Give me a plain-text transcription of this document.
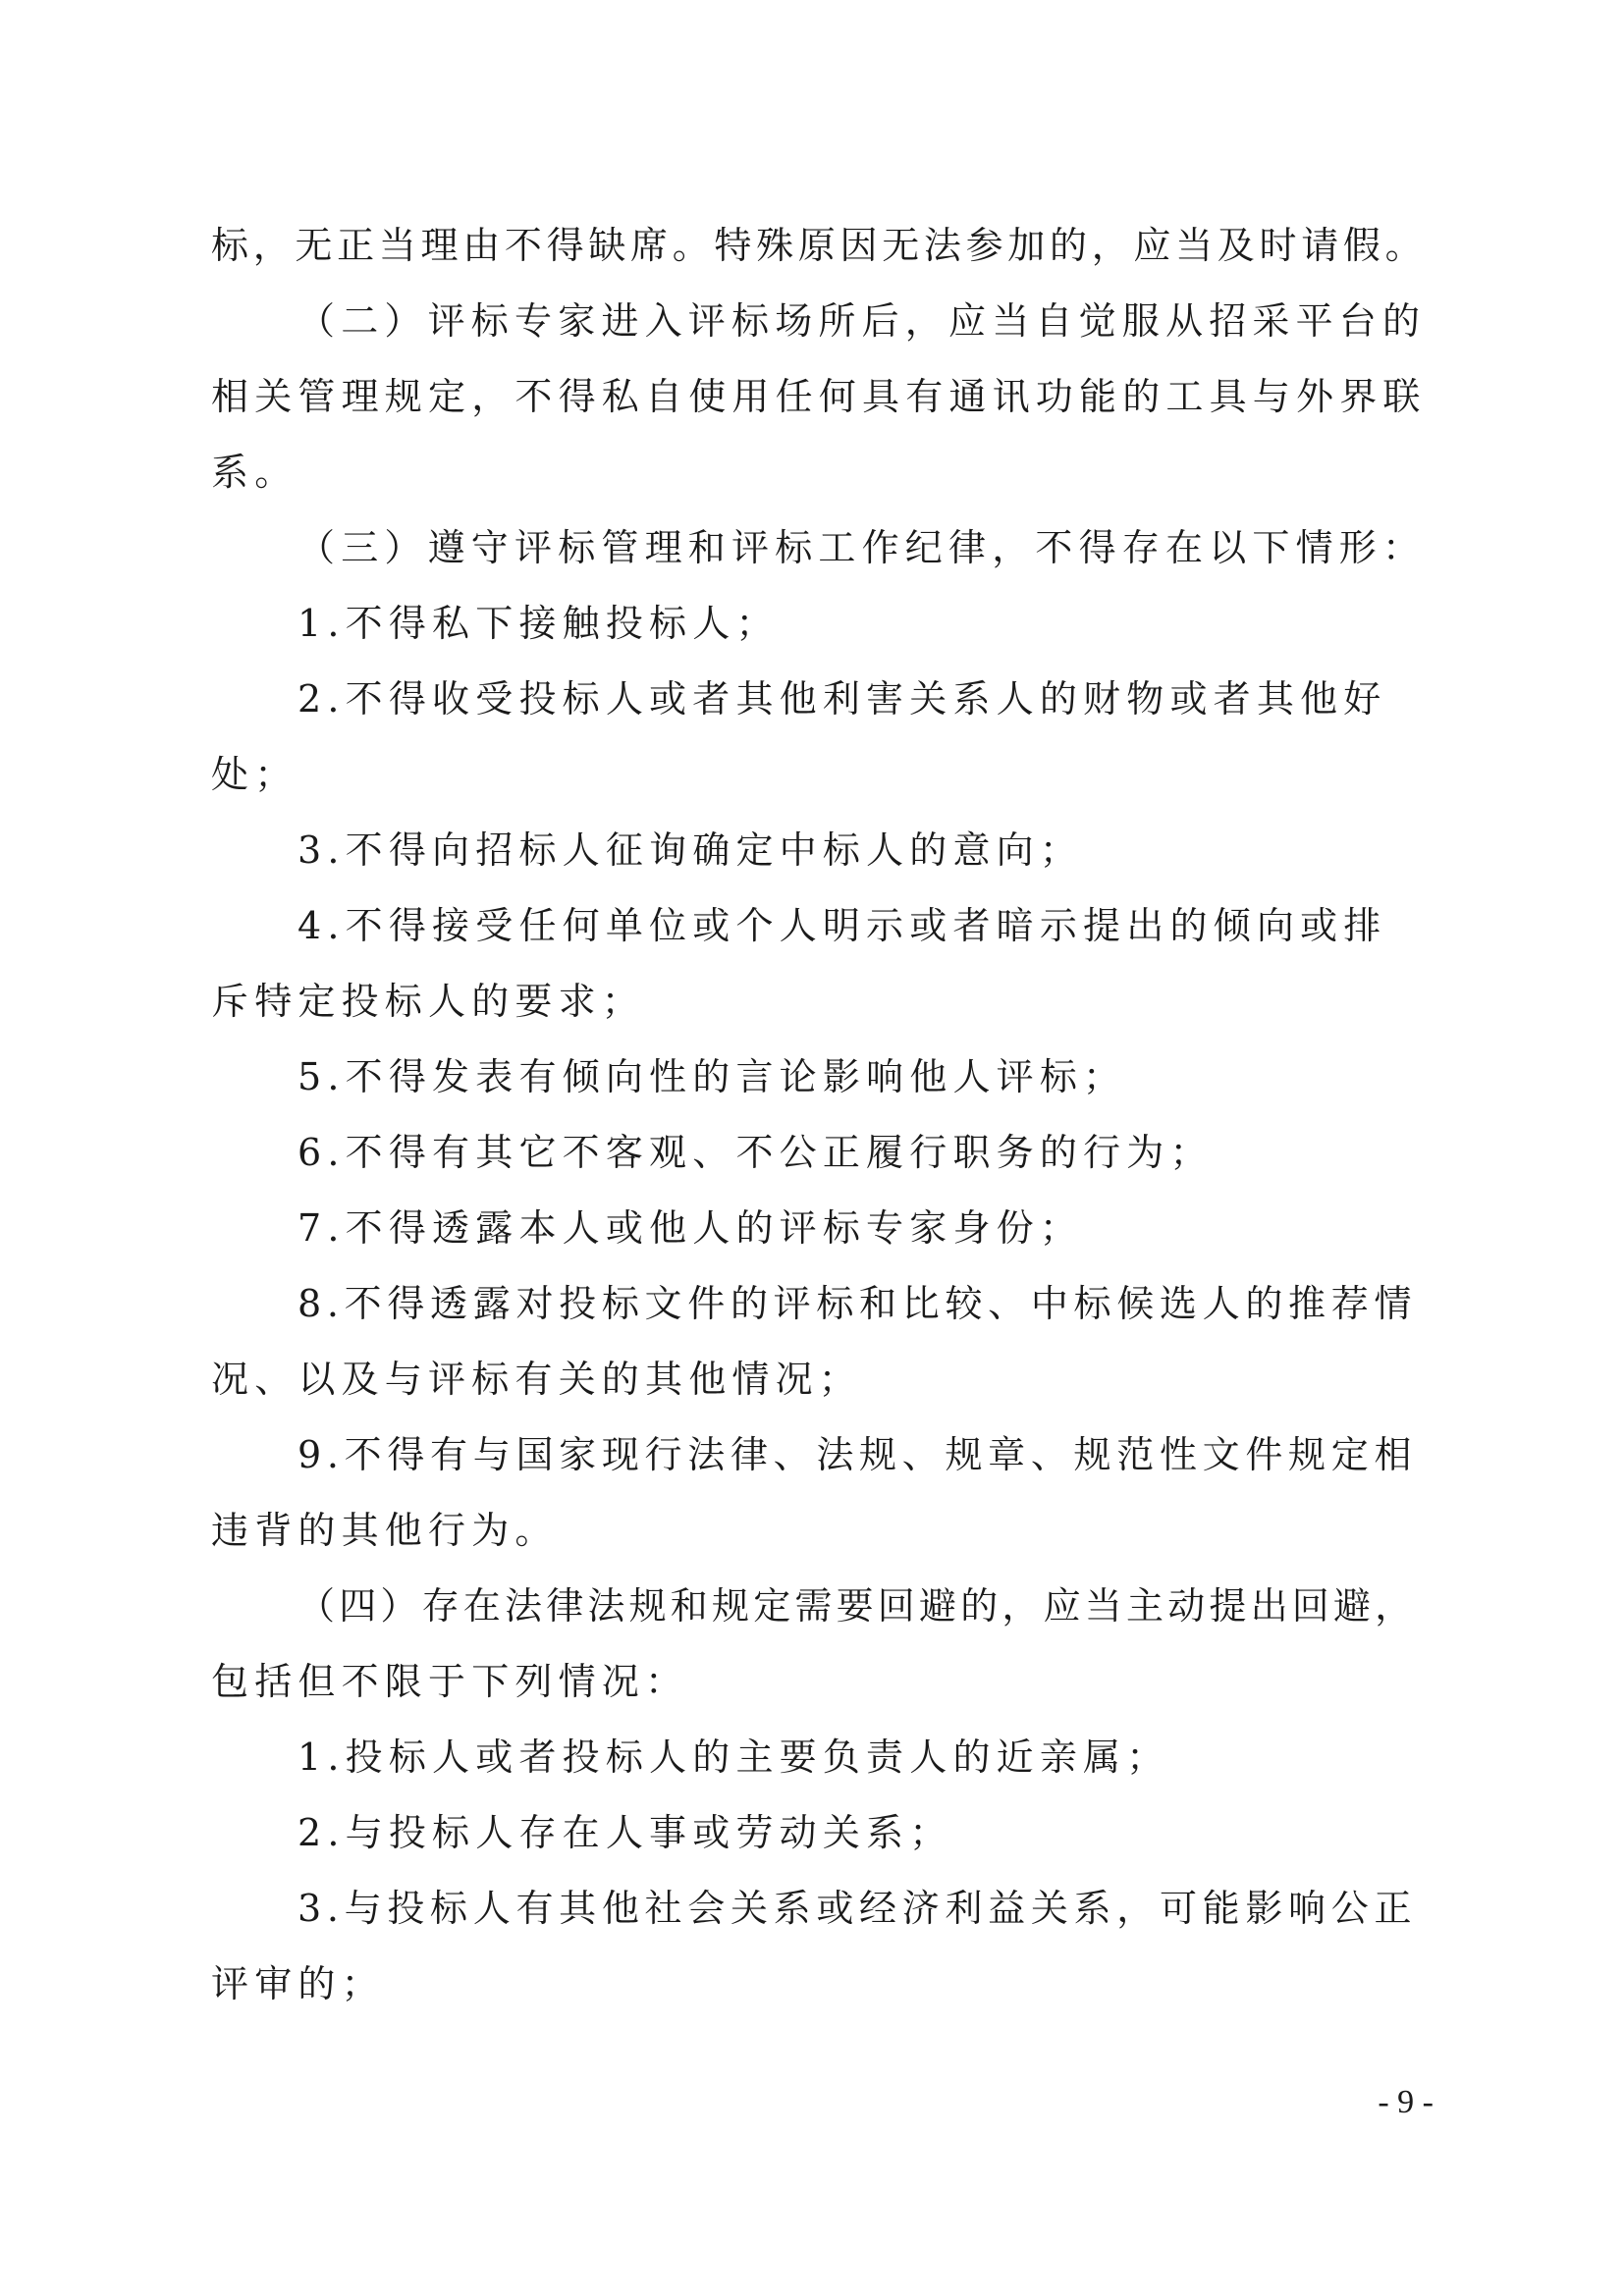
标，无正当理由不得缺席。特殊原因无法参加的，应当及时请假。
（二）评标专家进入评标场所后，应当自觉服从招采平台的
相关管理规定，不得私自使用任何具有通讯功能的工具与外界联
系。
（三）遵守评标管理和评标工作纪律，不得存在以下情形：
1.不得私下接触投标人；
2.不得收受投标人或者其他利害关系人的财物或者其他好
处；
3.不得向招标人征询确定中标人的意向；
4.不得接受任何单位或个人明示或者暗示提出的倾向或排
斥特定投标人的要求；
5.不得发表有倾向性的言论影响他人评标；
6.不得有其它不客观、不公正履行职务的行为；
7.不得透露本人或他人的评标专家身份；
8.不得透露对投标文件的评标和比较、中标候选人的推荐情
况、以及与评标有关的其他情况；
9.不得有与国家现行法律、法规、规章、规范性文件规定相
违背的其他行为。
（四）存在法律法规和规定需要回避的，应当主动提出回避，
包括但不限于下列情况：
1.投标人或者投标人的主要负责人的近亲属；
2.与投标人存在人事或劳动关系；
3.与投标人有其他社会关系或经济利益关系，可能影响公正
评审的；
- 9 -
